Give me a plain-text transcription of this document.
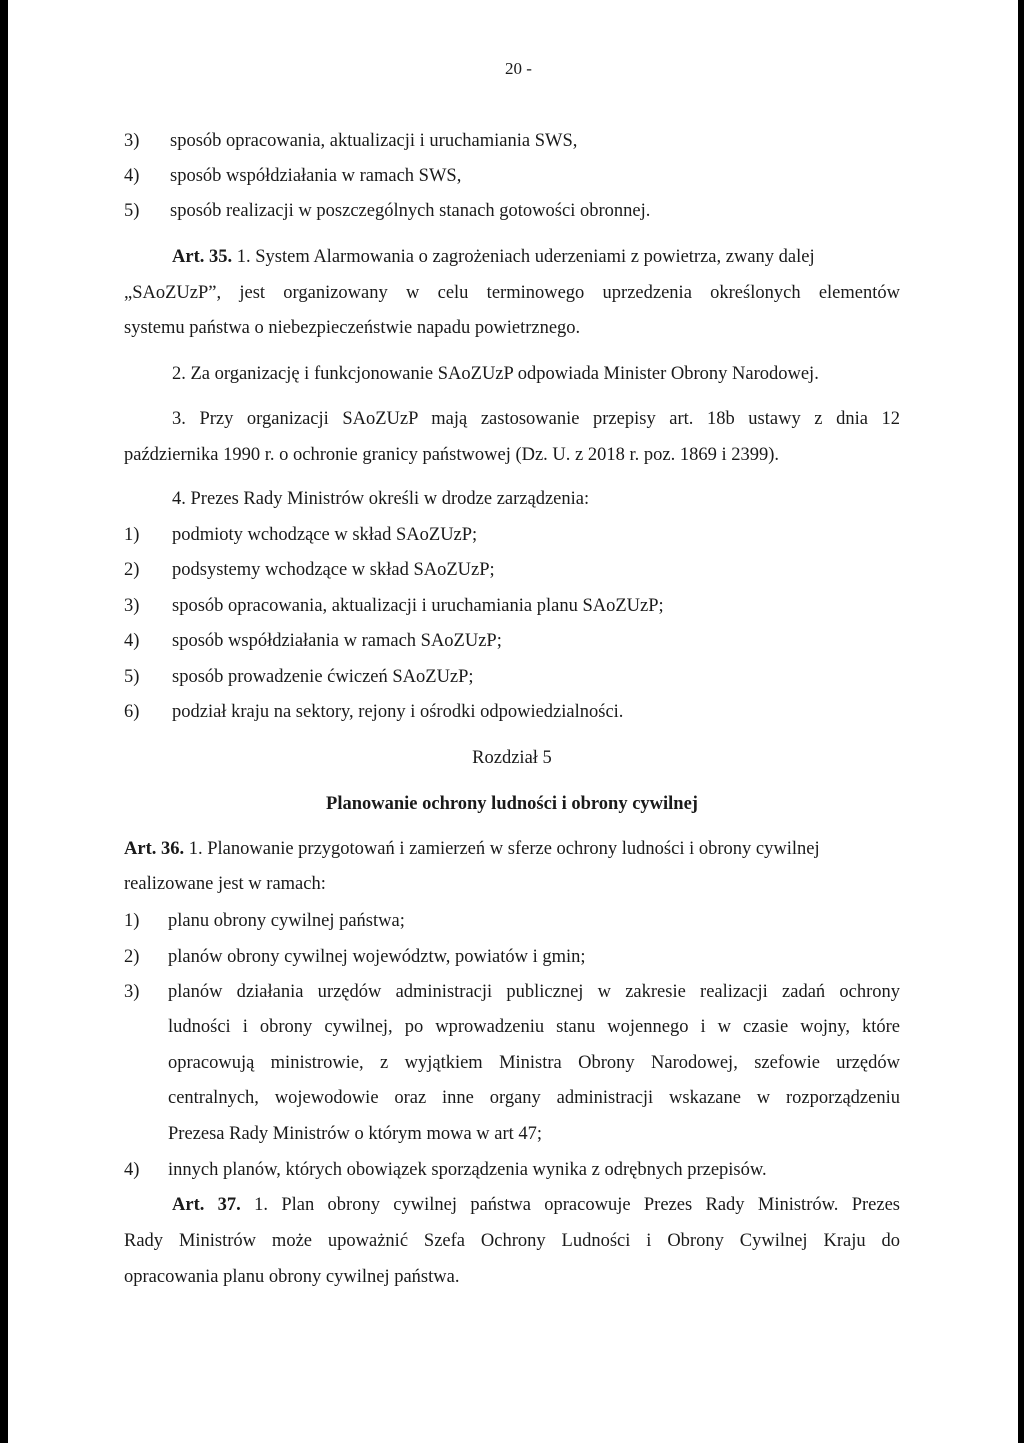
20 -
3) sposób opracowania, aktualizacji i uruchamiania SWS,
4) sposób współdziałania w ramach SWS,
5) sposób realizacji w poszczególnych stanach gotowości obronnej.
Art. 35. 1. System Alarmowania o zagrożeniach uderzeniami z powietrza, zwany dalej
„SAoZUzP”, jest organizowany w celu terminowego uprzedzenia określonych elementów
systemu państwa o niebezpieczeństwie napadu powietrznego.
2. Za organizację i funkcjonowanie SAoZUzP odpowiada Minister Obrony Narodowej.
3. Przy organizacji SAoZUzP mają zastosowanie przepisy art. 18b ustawy z dnia 12
października 1990 r. o ochronie granicy państwowej (Dz. U. z 2018 r. poz. 1869 i 2399).
4. Prezes Rady Ministrów określi w drodze zarządzenia:
1) podmioty wchodzące w skład SAoZUzP;
2) podsystemy wchodzące w skład SAoZUzP;
3) sposób opracowania, aktualizacji i uruchamiania planu SAoZUzP;
4) sposób współdziałania w ramach SAoZUzP;
5) sposób prowadzenie ćwiczeń SAoZUzP;
6) podział kraju na sektory, rejony i ośrodki odpowiedzialności.
Rozdział 5
Planowanie ochrony ludności i obrony cywilnej
Art. 36. 1. Planowanie przygotowań i zamierzeń w sferze ochrony ludności i obrony cywilnej
realizowane jest w ramach:
1) planu obrony cywilnej państwa;
2) planów obrony cywilnej województw, powiatów i gmin;
3) planów działania urzędów administracji publicznej w zakresie realizacji zadań ochrony
ludności i obrony cywilnej, po wprowadzeniu stanu wojennego i w czasie wojny, które
opracowują ministrowie, z wyjątkiem Ministra Obrony Narodowej, szefowie urzędów
centralnych, wojewodowie oraz inne organy administracji wskazane w rozporządzeniu
Prezesa Rady Ministrów o którym mowa w art 47;
4) innych planów, których obowiązek sporządzenia wynika z odrębnych przepisów.
Art. 37. 1. Plan obrony cywilnej państwa opracowuje Prezes Rady Ministrów. Prezes
Rady Ministrów może upoważnić Szefa Ochrony Ludności i Obrony Cywilnej Kraju do
opracowania planu obrony cywilnej państwa.
